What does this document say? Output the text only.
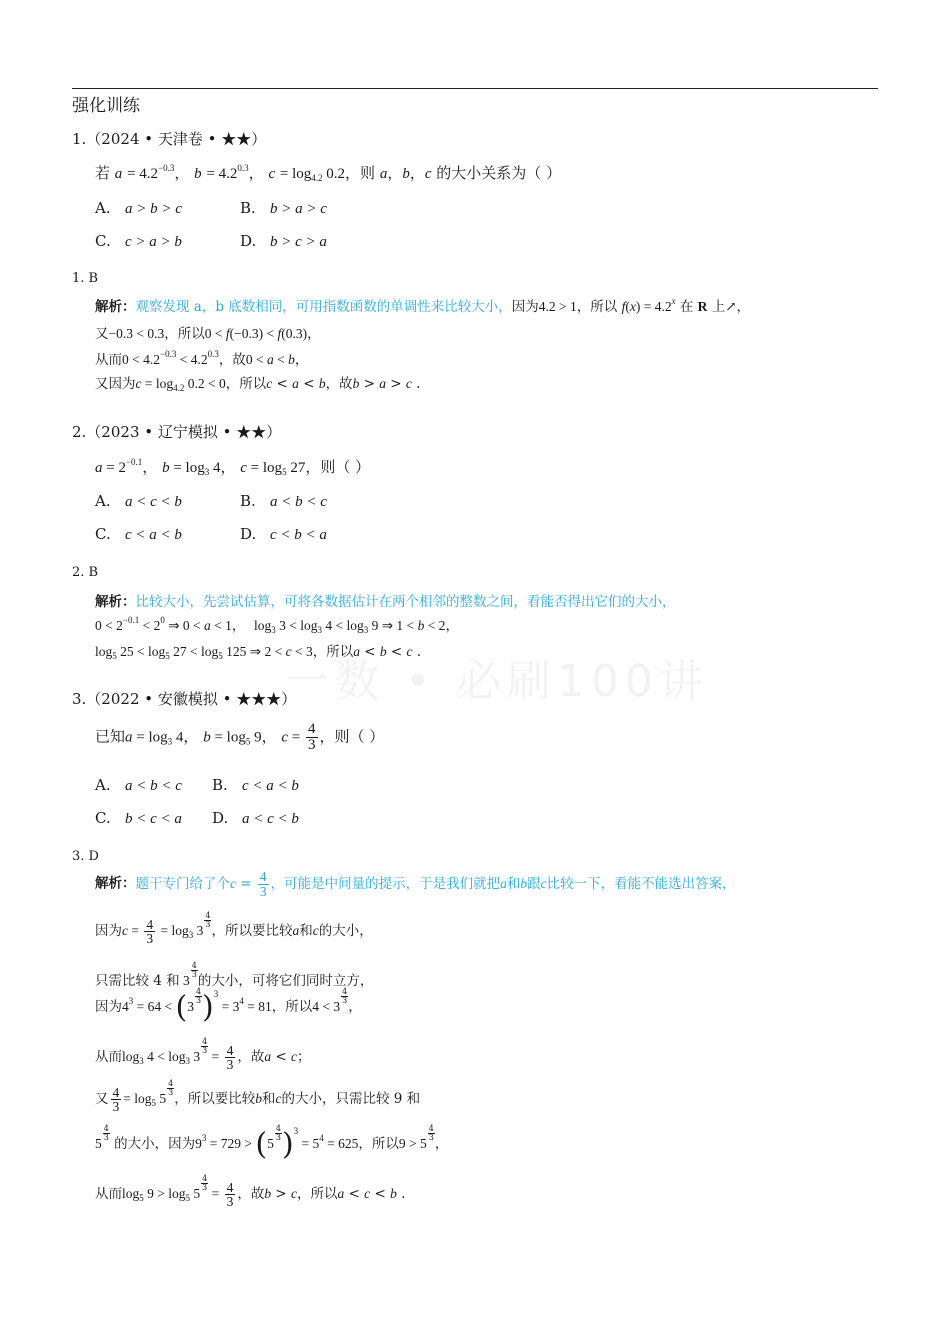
一数 • 必刷100讲
强化训练
1.（2024 • 天津卷 • ★★）
若 $a = 4.2^{-0.3}$， $b = 4.2^{0.3}$， $c = \log_{4.2} 0.2$，则 a，b，c 的大小关系为（ ）
A. a > b > c	B. b > a > c
C. c > a > b	D. b > c > a
1. B
解析：观察发现 a，b 底数相同，可用指数函数的单调性来比较大小，因为4.2 > 1，所以 $f(x) = 4.2^x$ 在 R 上↗，
又−0.3 < 0.3，所以0 < f(−0.3) < f(0.3)，
从而$0 < 4.2^{-0.3} < 4.2^{0.3}$，故0 < a < b，
又因为$c = \log_{4.2} 0.2 < 0$，所以c < a < b，故b > a > c .
2.（2023 • 辽宁模拟 • ★★）
$a = 2^{-0.1}$， $b = \log_3 4$， $c = \log_5 27$，则（ ）
A. a < c < b	B. a < b < c
C. c < a < b	D. c < b < a
2. B
解析：比较大小，先尝试估算，可将各数据估计在两个相邻的整数之间，看能否得出它们的大小，
$0 < 2^{-0.1} < 2^0$ ⇒ 0 < a < 1，  $\log_3 3 < \log_3 4 < \log_3 9$ ⇒ 1 < b < 2，
$\log_5 25 < \log_5 27 < \log_5 125$ ⇒ 2 < c < 3，所以a < b < c .
3.（2022 • 安徽模拟 • ★★★）
已知$a = \log_3 4$， $b = \log_5 9$， $c = \frac{4}{3}$ ，则（ ）
A. a < b < c B. c < a < b
C. b < c < a D. a < c < b
3. D
解析：题干专门给了个$c = \frac{4}{3}$ ，可能是中间量的提示，于是我们就把a和b跟c比较一下，看能不能选出答案，
因为$c = \frac{4}{3} = \log_3 3$
$\frac{4}{3}$
，所以要比较a和c的大小，
只需比较 4 和 3
$\frac{4}{3}$
的大小，可将它们同时立方，
因为$4^3 = 64 < (3$
$\frac{4}{3} )^3 = 3^4 = 81$，所以4 < 3
$\frac{4}{3}$
，
从而$\log_3 4 < \log_3 3$
$\frac{4}{3}$
= $\frac{4}{3}$ ，故a < c；
又 $\frac{4}{3} = \log_5 5$
$\frac{4}{3}$
，所以要比较b和c的大小，只需比较 9 和
5
$\frac{4}{3}$
的大小，因为$9^3 = 729 > (5$
$\frac{4}{3} )^3 = 5^4 = 625$，所以9 > 5
$\frac{4}{3}$
，
从而$\log_5 9 > \log_5 5$
$\frac{4}{3}$
= $\frac{4}{3}$ ，故b > c，所以a < c < b .
